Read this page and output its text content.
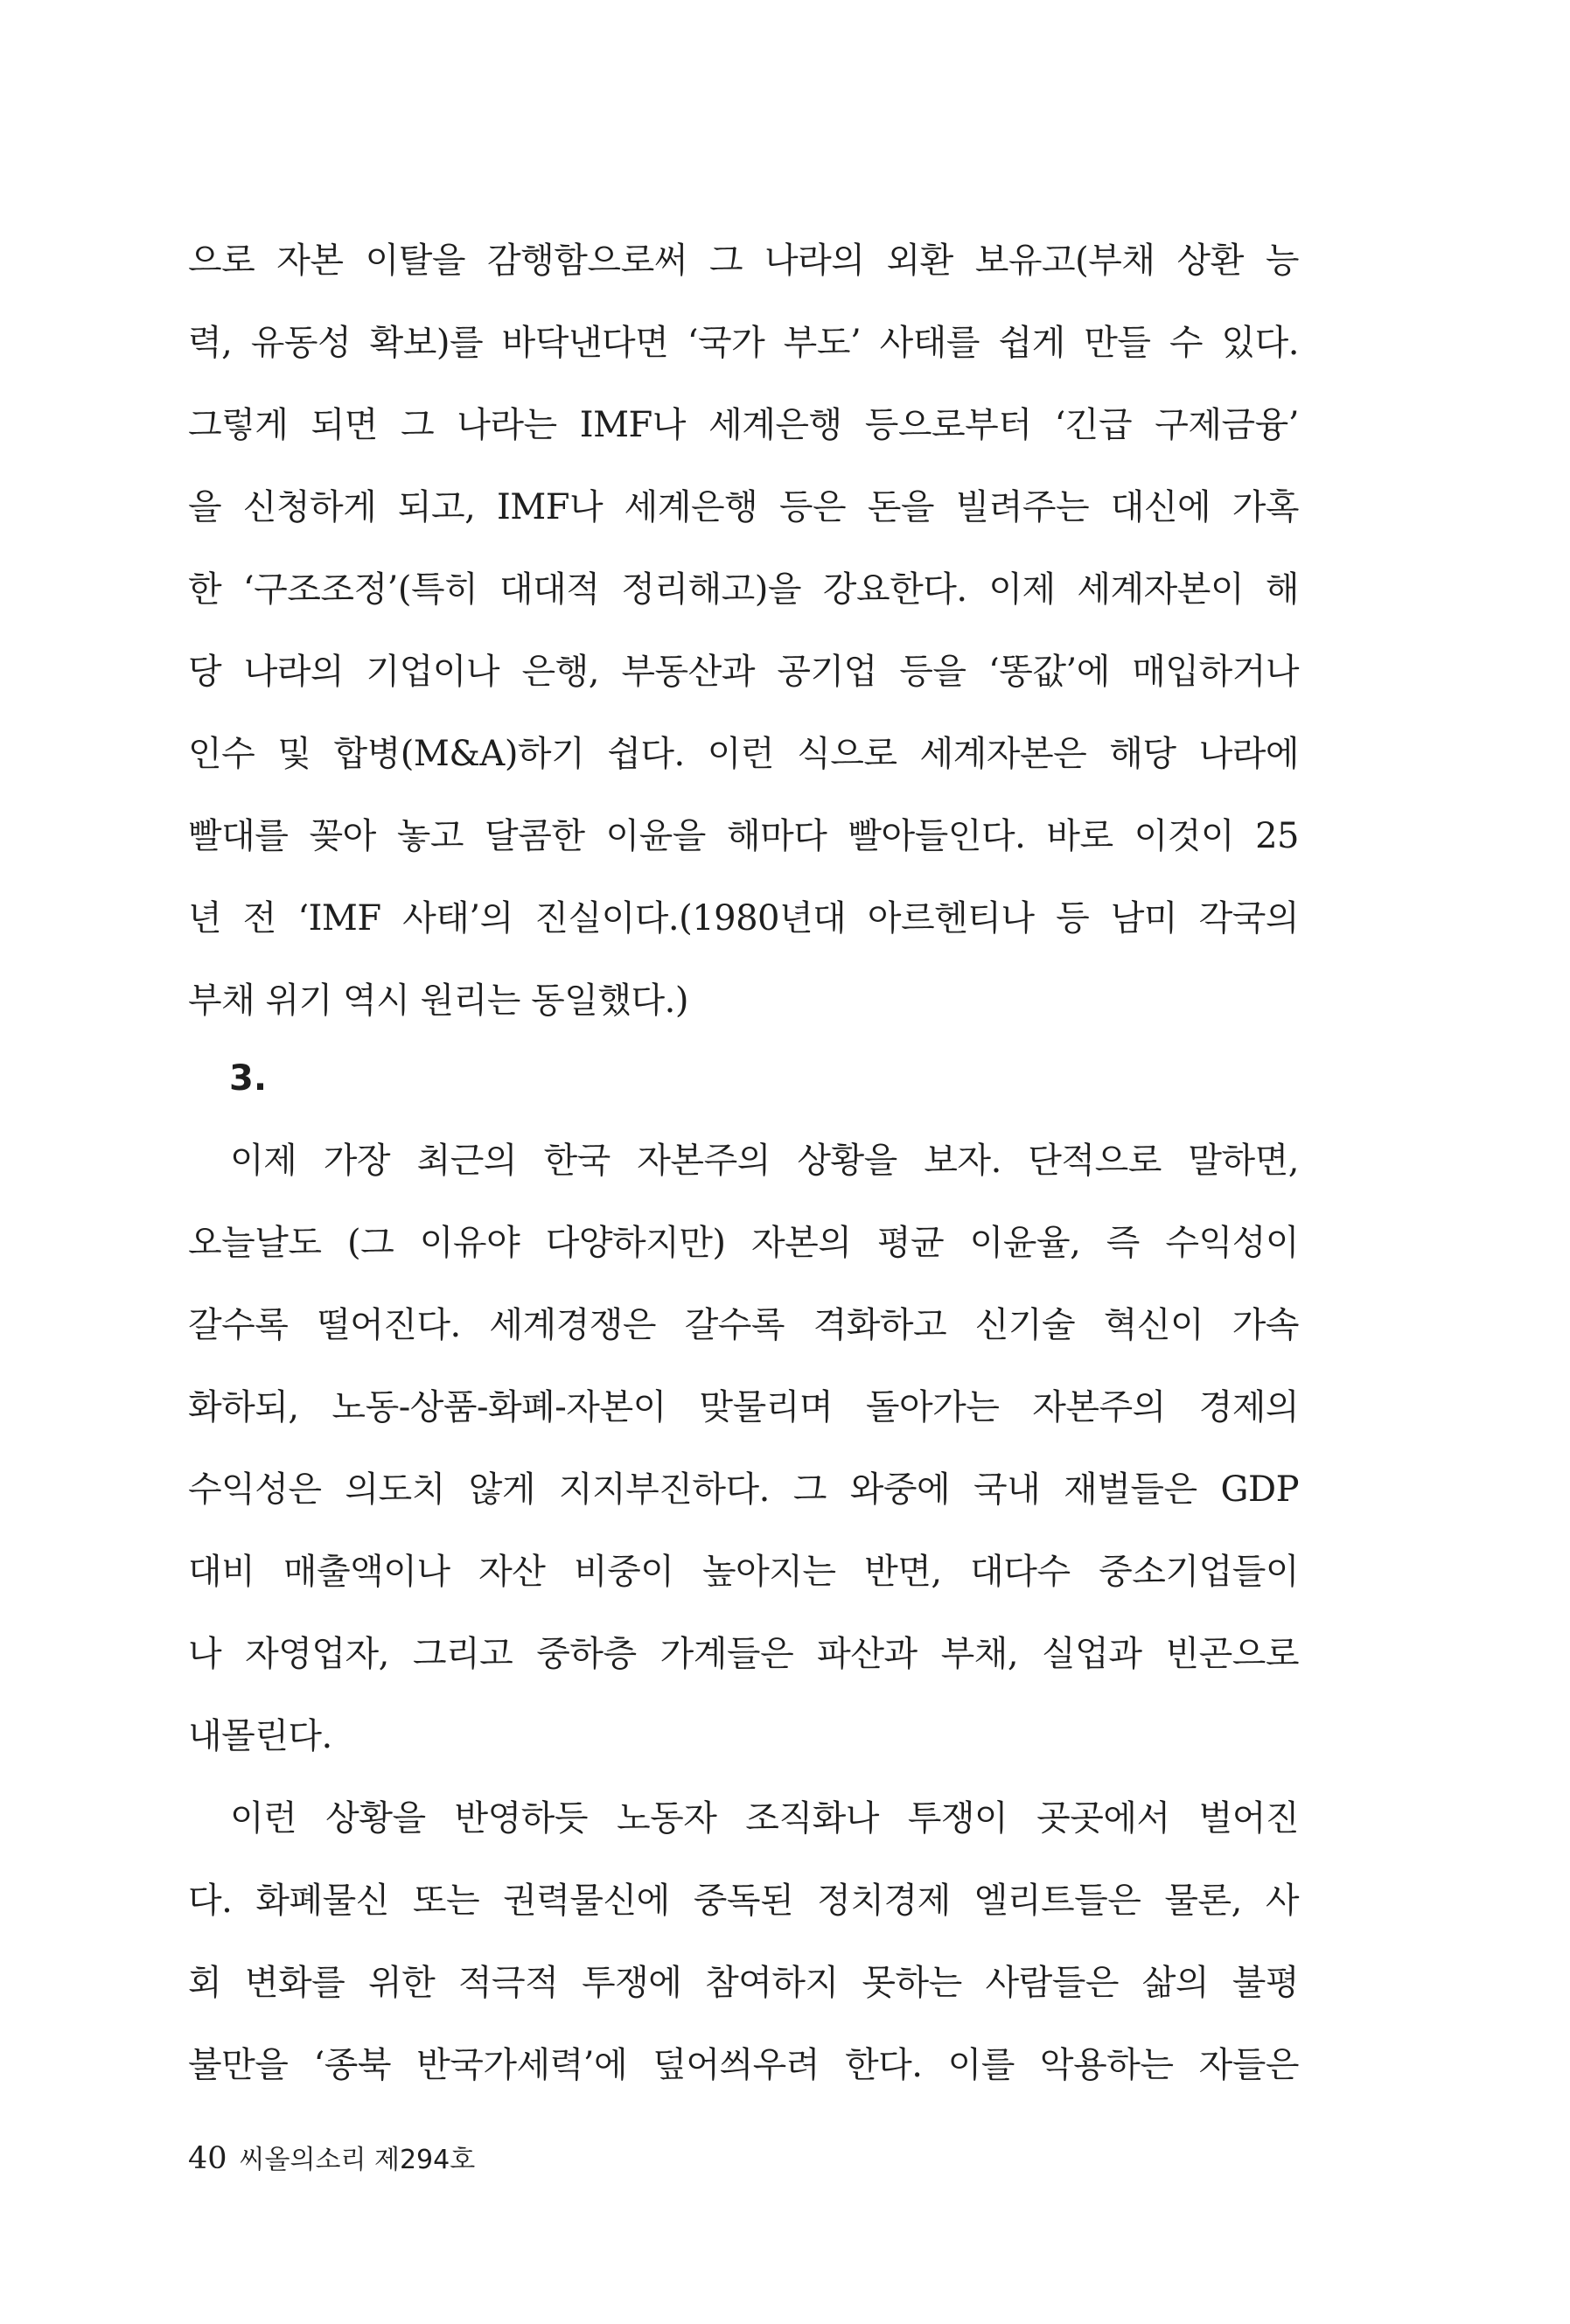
으로 자본 이탈을 감행함으로써 그 나라의 외환 보유고(부채 상환 능
력, 유동성 확보)를 바닥낸다면 ‘국가 부도’ 사태를 쉽게 만들 수 있다.
그렇게 되면 그 나라는 IMF나 세계은행 등으로부터 ‘긴급 구제금융’
을 신청하게 되고, IMF나 세계은행 등은 돈을 빌려주는 대신에 가혹
한 ‘구조조정’(특히 대대적 정리해고)을 강요한다. 이제 세계자본이 해
당 나라의 기업이나 은행, 부동산과 공기업 등을 ‘똥값’에 매입하거나
인수 및 합병(M&A)하기 쉽다. 이런 식으로 세계자본은 해당 나라에
빨대를 꽂아 놓고 달콤한 이윤을 해마다 빨아들인다. 바로 이것이 25
년 전 ‘IMF 사태’의 진실이다.(1980년대 아르헨티나 등 남미 각국의
부채 위기 역시 원리는 동일했다.)
3.
이제 가장 최근의 한국 자본주의 상황을 보자. 단적으로 말하면,
오늘날도 (그 이유야 다양하지만) 자본의 평균 이윤율, 즉 수익성이
갈수록 떨어진다. 세계경쟁은 갈수록 격화하고 신기술 혁신이 가속
화하되, 노동-상품-화폐-자본이 맞물리며 돌아가는 자본주의 경제의
수익성은 의도치 않게 지지부진하다. 그 와중에 국내 재벌들은 GDP
대비 매출액이나 자산 비중이 높아지는 반면, 대다수 중소기업들이
나 자영업자, 그리고 중하층 가계들은 파산과 부채, 실업과 빈곤으로
내몰린다.
이런 상황을 반영하듯 노동자 조직화나 투쟁이 곳곳에서 벌어진
다. 화폐물신 또는 권력물신에 중독된 정치경제 엘리트들은 물론, 사
회 변화를 위한 적극적 투쟁에 참여하지 못하는 사람들은 삶의 불평
불만을 ‘종북 반국가세력’에 덮어씌우려 한다. 이를 악용하는 자들은
40 씨올의소리 제294호
